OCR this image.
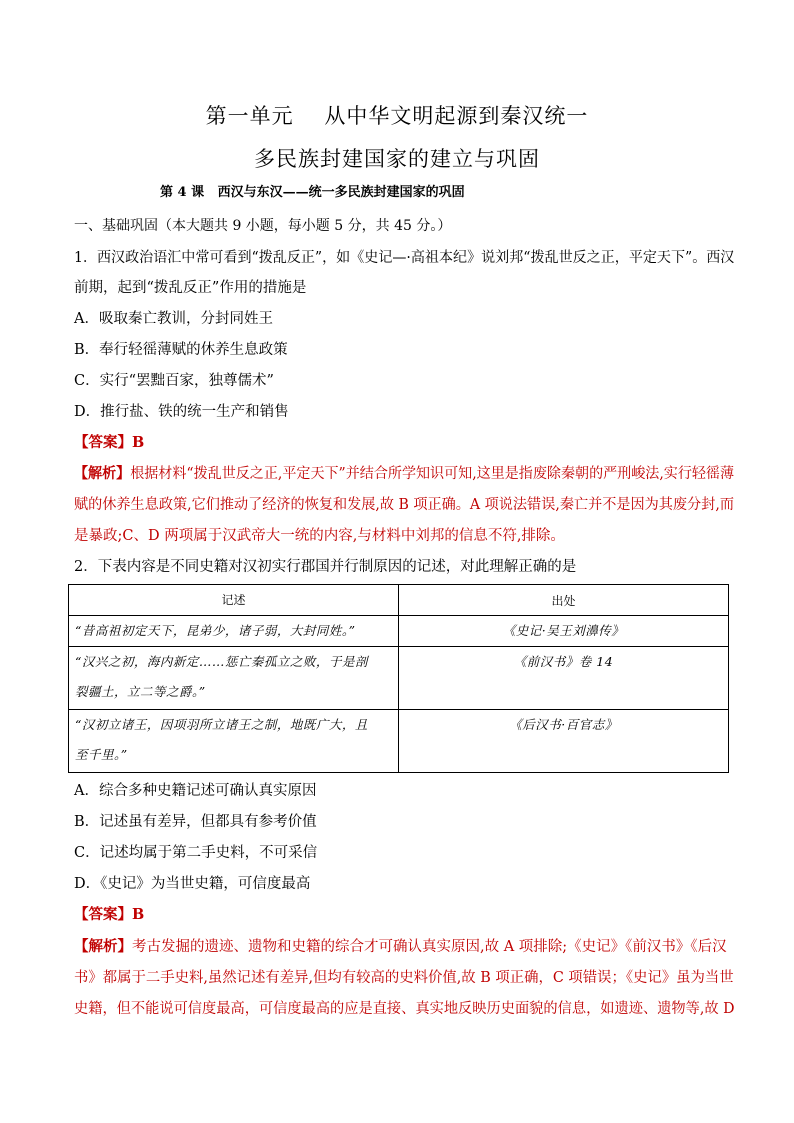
第一单元    从中华文明起源到秦汉统一
多民族封建国家的建立与巩固
第 4 课   西汉与东汉——统一多民族封建国家的巩固
一、基础巩固（本大题共 9 小题，每小题 5 分，共 45 分。）
1．西汉政治语汇中常可看到“拨乱反正”，如《史记—·高祖本纪》说刘邦“拨乱世反之正，平定天下”。西汉
前期，起到“拨乱反正”作用的措施是
A．吸取秦亡教训，分封同姓王
B．奉行轻徭薄赋的休养生息政策
C．实行“罢黜百家，独尊儒术”
D．推行盐、铁的统一生产和销售
【答案】B
【解析】根据材料“拨乱世反之正,平定天下”并结合所学知识可知,这里是指废除秦朝的严刑峻法,实行轻徭薄
赋的休养生息政策,它们推动了经济的恢复和发展,故 B 项正确。A 项说法错误,秦亡并不是因为其废分封,而
是暴政;C、D 两项属于汉武帝大一统的内容,与材料中刘邦的信息不符,排除。
2．下表内容是不同史籍对汉初实行郡国并行制原因的记述，对此理解正确的是
记述	出处

“昔高祖初定天下，昆弟少，诸子弱，大封同姓。”	《史记·吴王刘濞传》

“汉兴之初，海内新定……惩亡秦孤立之败，于是剖
裂疆土，立二等之爵。”	《前汉书》卷 14

“汉初立诸王，因项羽所立诸王之制，地既广大，且
至千里。”	《后汉书·百官志》
A．综合多种史籍记述可确认真实原因
B．记述虽有差异，但都具有参考价值
C．记述均属于第二手史料，不可采信
D．《史记》为当世史籍，可信度最高
【答案】B
【解析】考古发掘的遗迹、遗物和史籍的综合才可确认真实原因,故 A 项排除;《史记》《前汉书》《后汉
书》都属于二手史料,虽然记述有差异,但均有较高的史料价值,故 B 项正确，C 项错误；《史记》虽为当世
史籍，但不能说可信度最高，可信度最高的应是直接、真实地反映历史面貌的信息，如遗迹、遗物等,故 D
